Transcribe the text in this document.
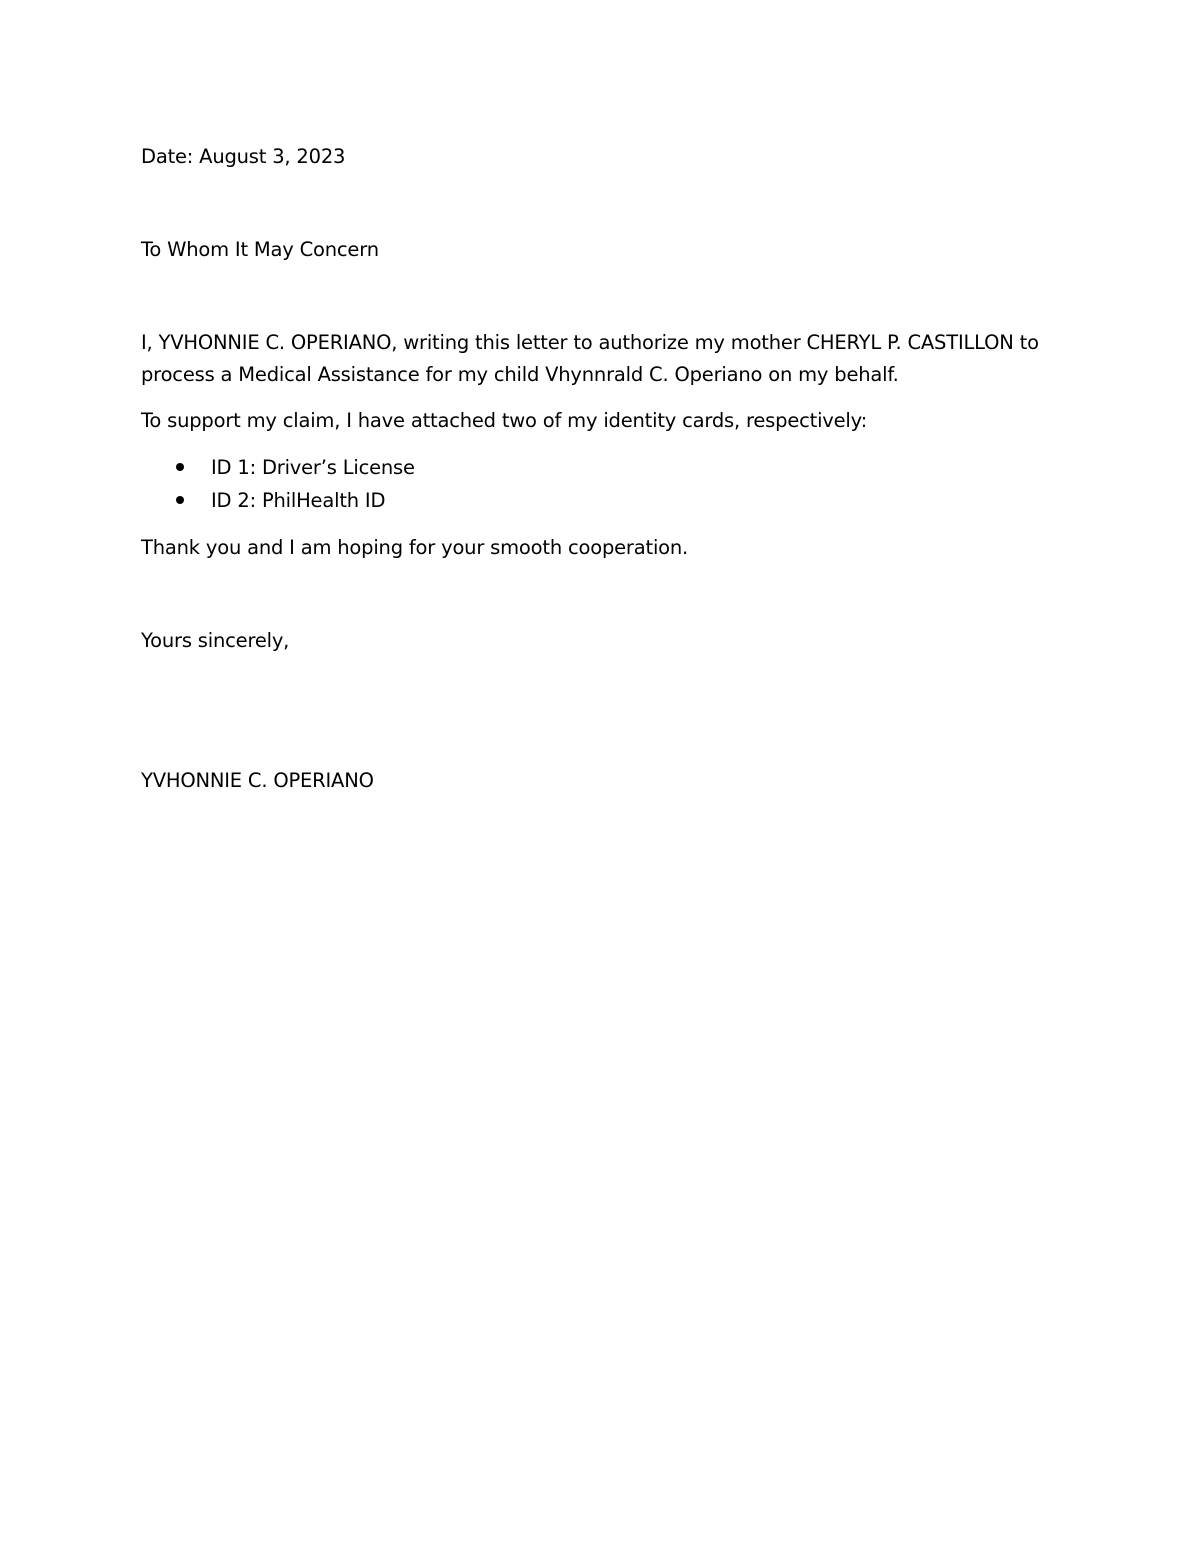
Date: August 3, 2023

To Whom It May Concern

I, YVHONNIE C. OPERIANO, writing this letter to authorize my mother CHERYL P. CASTILLON to

process a Medical Assistance for my child Vhynnrald C. Operiano on my behalf.

To support my claim, I have attached two of my identity cards, respectively:

ID 1: Driver’s License
ID 2: PhilHealth ID

Thank you and I am hoping for your smooth cooperation.

Yours sincerely,

YVHONNIE C. OPERIANO
